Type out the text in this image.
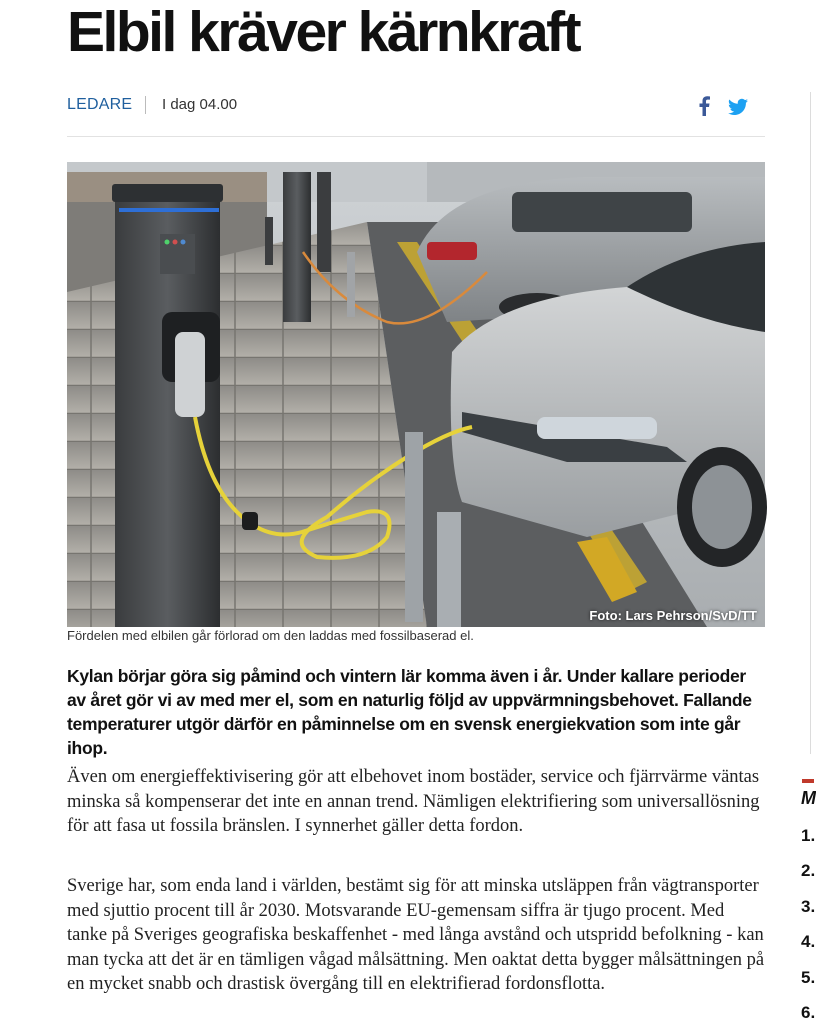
Elbil kräver kärnkraft
LEDARE I dag 04.00
Foto: Lars Pehrson/SvD/TT
Fördelen med elbilen går förlorad om den laddas med fossilbaserad el.

Kylan börjar göra sig påmind och vintern lär komma även i år. Under kallare perioder av året gör vi av med mer el, som en naturlig följd av uppvärmningsbehovet. Fallande temperaturer utgör därför en påminnelse om en svensk energiekvation som inte går ihop.

Även om energieffektivisering gör att elbehovet inom bostäder, service och fjärrvärme väntas minska så kompenserar det inte en annan trend. Nämligen elektrifiering som universallösning för att fasa ut fossila bränslen. I synnerhet gäller detta fordon.

Sverige har, som enda land i världen, bestämt sig för att minska utsläppen från vägtransporter med sjuttio procent till år 2030. Motsvarande EU-gemensam siffra är tjugo procent. Med tanke på Sveriges geografiska beskaffenhet - med långa avstånd och utspridd befolkning - kan man tycka att det är en tämligen vågad målsättning. Men oaktat detta bygger målsättningen på en mycket snabb och drastisk övergång till en elektrifierad fordonsflotta.

M
1.
2.
3.
4.
5.
6.
